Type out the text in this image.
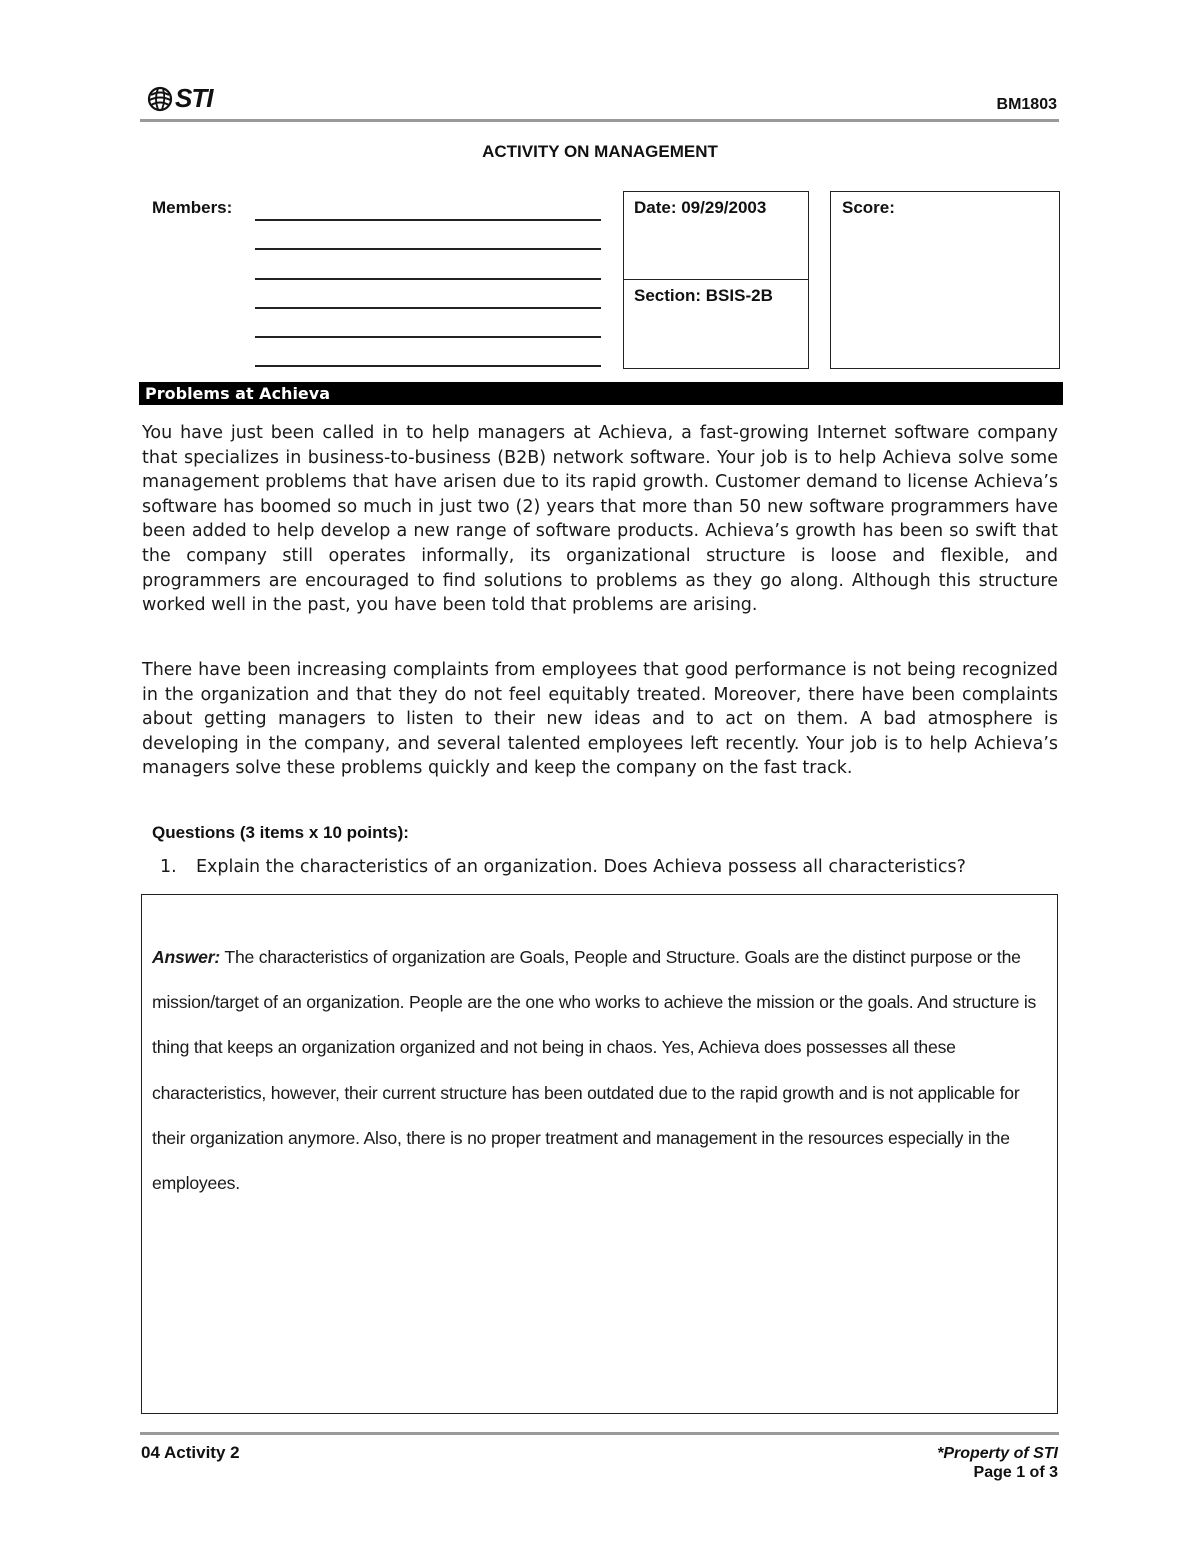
STI	BM1803
ACTIVITY ON MANAGEMENT
Members:	Date: 09/29/2003
Section: BSIS-2B
Score:
Problems at Achieva
You have just been called in to help managers at Achieva, a fast-growing Internet software company that specializes in business-to-business (B2B) network software. Your job is to help Achieva solve some management problems that have arisen due to its rapid growth. Customer demand to license Achieva’s software has boomed so much in just two (2) years that more than 50 new software programmers have been added to help develop a new range of software products. Achieva’s growth has been so swift that the company still operates informally, its organizational structure is loose and flexible, and programmers are encouraged to find solutions to problems as they go along. Although this structure worked well in the past, you have been told that problems are arising.
There have been increasing complaints from employees that good performance is not being recognized in the organization and that they do not feel equitably treated. Moreover, there have been complaints about getting managers to listen to their new ideas and to act on them. A bad atmosphere is developing in the company, and several talented employees left recently. Your job is to help Achieva’s managers solve these problems quickly and keep the company on the fast track.
Questions (3 items x 10 points):
1. Explain the characteristics of an organization. Does Achieva possess all characteristics?
Answer: The characteristics of organization are Goals, People and Structure. Goals are the distinct purpose or the mission/target of an organization. People are the one who works to achieve the mission or the goals. And structure is thing that keeps an organization organized and not being in chaos. Yes, Achieva does possesses all these characteristics, however, their current structure has been outdated due to the rapid growth and is not applicable for their organization anymore. Also, there is no proper treatment and management in the resources especially in the employees.
04 Activity 2	*Property of STI
Page 1 of 3
